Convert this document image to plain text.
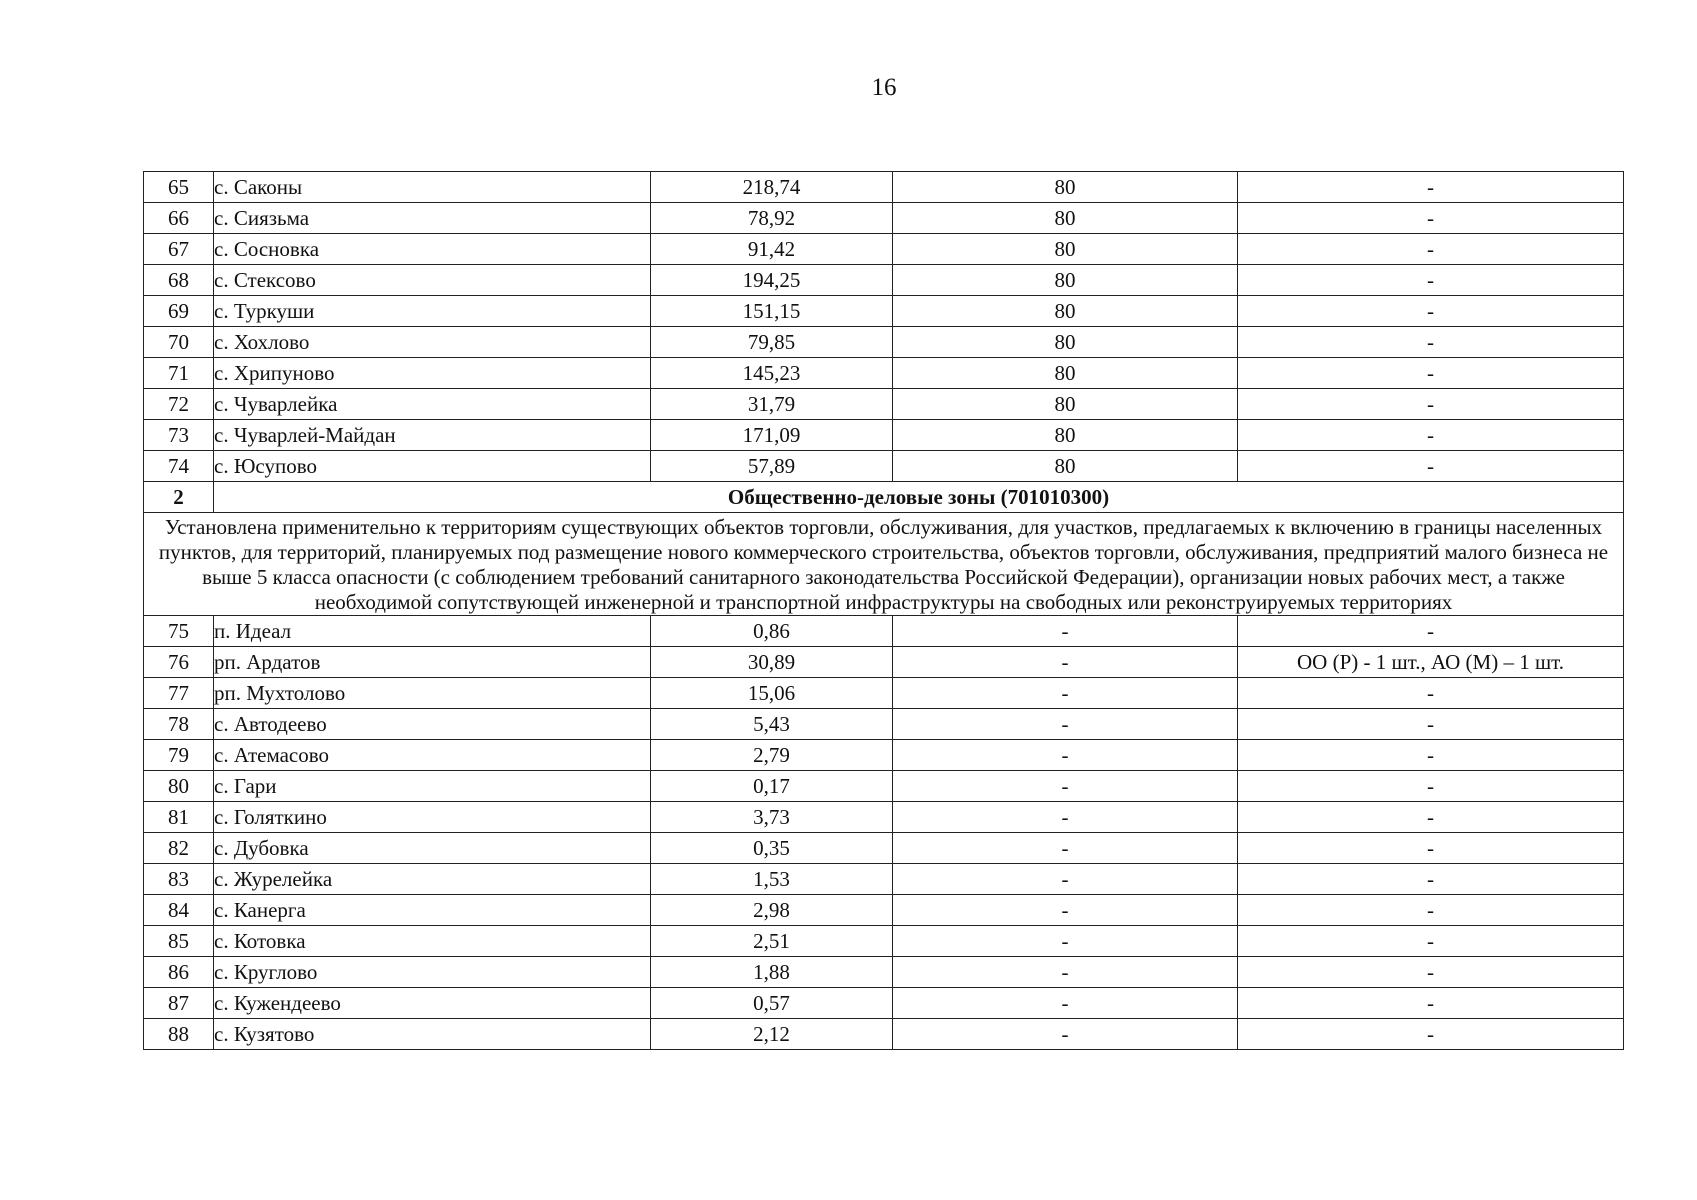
16
65	с. Саконы	218,74	80	-
66	с. Сиязьма	78,92	80	-
67	с. Сосновка	91,42	80	-
68	с. Стексово	194,25	80	-
69	с. Туркуши	151,15	80	-
70	с. Хохлово	79,85	80	-
71	с. Хрипуново	145,23	80	-
72	с. Чуварлейка	31,79	80	-
73	с. Чуварлей-Майдан	171,09	80	-
74	с. Юсупово	57,89	80	-
2	Общественно-деловые зоны (701010300)			
Установлена применительно к территориям существующих объектов торговли, обслуживания, для участков, предлагаемых к включению в границы населенных пунктов, для территорий, планируемых под размещение нового коммерческого строительства, объектов торговли, обслуживания, предприятий малого бизнеса не выше 5 класса опасности (с соблюдением требований санитарного законодательства Российской Федерации), организации новых рабочих мест, а также необходимой сопутствующей инженерной и транспортной инфраструктуры на свободных или реконструируемых территориях				
75	п. Идеал	0,86	-	-
76	рп. Ардатов	30,89	-	ОО (Р) - 1 шт., АО (М) – 1 шт.
77	рп. Мухтолово	15,06	-	-
78	с. Автодеево	5,43	-	-
79	с. Атемасово	2,79	-	-
80	с. Гари	0,17	-	-
81	с. Голяткино	3,73	-	-
82	с. Дубовка	0,35	-	-
83	с. Журелейка	1,53	-	-
84	с. Канерга	2,98	-	-
85	с. Котовка	2,51	-	-
86	с. Круглово	1,88	-	-
87	с. Кужендеево	0,57	-	-
88	с. Кузятово	2,12	-	-
